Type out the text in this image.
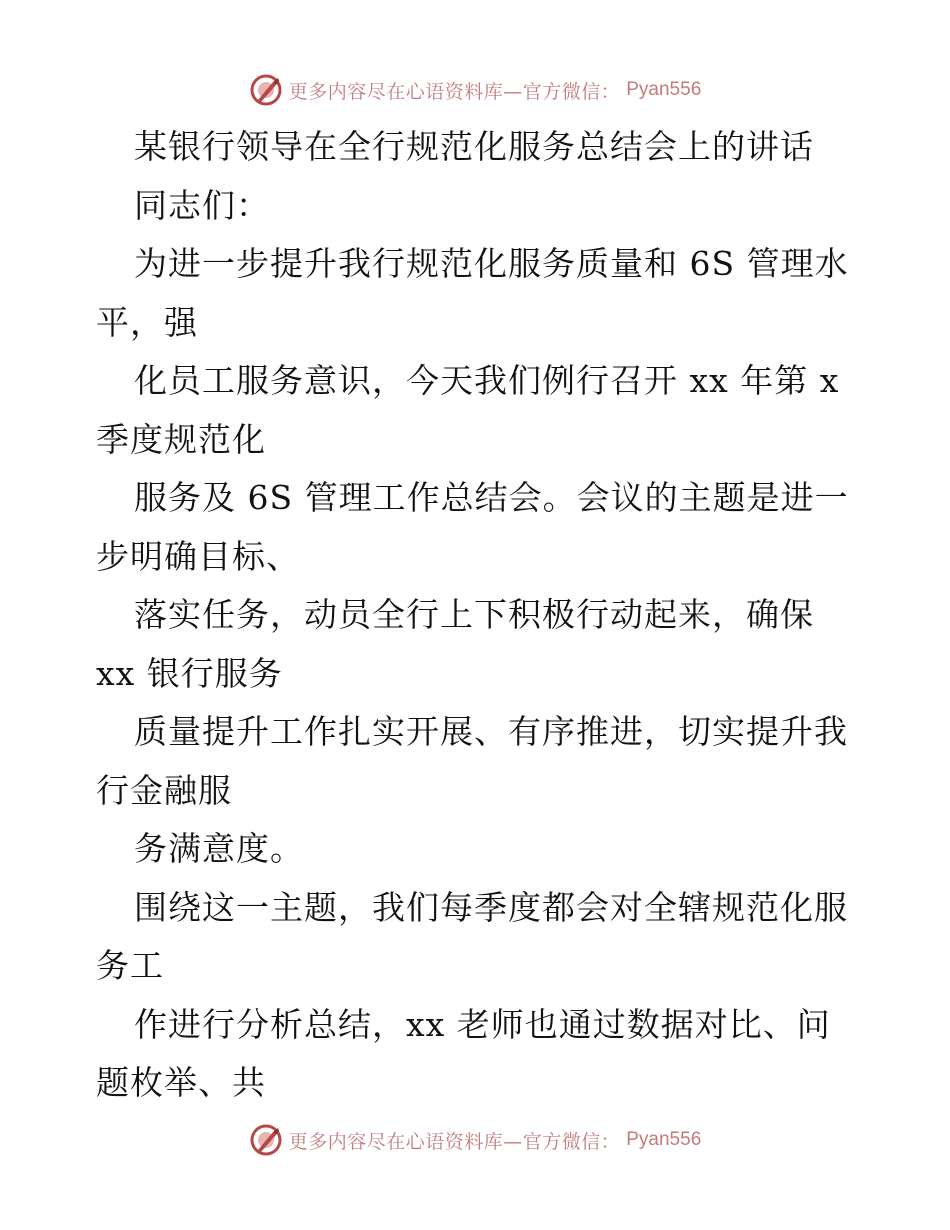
更多内容尽在心语资料库—官方微信： Pyan556
某银行领导在全行规范化服务总结会上的讲话
同志们：
为进一步提升我行规范化服务质量和 6S 管理水
平，强
化员工服务意识，今天我们例行召开 xx 年第 x
季度规范化
服务及 6S 管理工作总结会。会议的主题是进一
步明确目标、
落实任务，动员全行上下积极行动起来，确保
xx 银行服务
质量提升工作扎实开展、有序推进，切实提升我
行金融服
务满意度。
围绕这一主题，我们每季度都会对全辖规范化服
务工
作进行分析总结，xx 老师也通过数据对比、问
题枚举、共
更多内容尽在心语资料库—官方微信： Pyan556
